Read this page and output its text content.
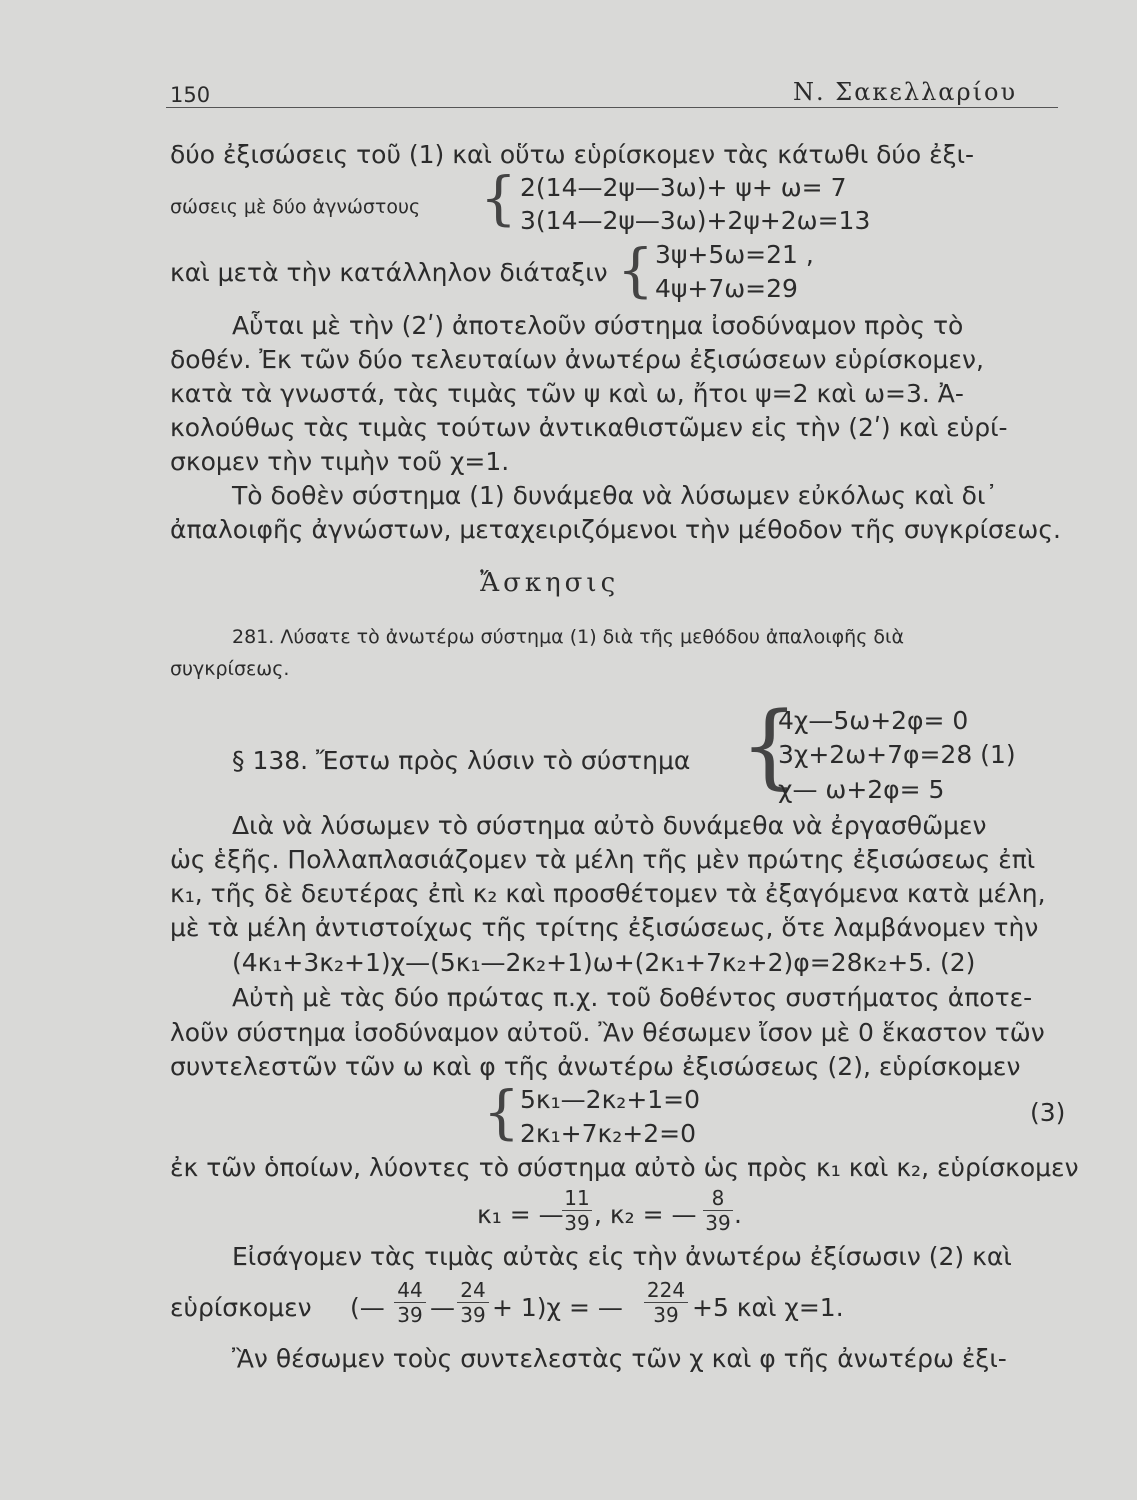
150	Ν. Σακελλαρίου
δύο ἐξισώσεις τοῦ (1) καὶ οὕτω εὑρίσκομεν τὰς κάτωθι δύο ἐξι-
σώσεις μὲ δύο ἀγνώστους { 2(14—2ψ—3ω)+ ψ+ ω= 7
3(14—2ψ—3ω)+2ψ+2ω=13
καὶ μετὰ τὴν κατάλληλον διάταξιν { 3ψ+5ω=21 ,
4ψ+7ω=29
Αὗται μὲ τὴν (2ʹ) ἀποτελοῦν σύστημα ἰσοδύναμον πρὸς τὸ
δοθέν. Ἐκ τῶν δύο τελευταίων ἀνωτέρω ἐξισώσεων εὑρίσκομεν,
κατὰ τὰ γνωστά, τὰς τιμὰς τῶν ψ καὶ ω, ἤτοι ψ=2 καὶ ω=3. Ἀ-
κολούθως τὰς τιμὰς τούτων ἀντικαθιστῶμεν εἰς τὴν (2ʹ) καὶ εὑρί-
σκομεν τὴν τιμὴν τοῦ χ=1.
Τὸ δοθὲν σύστημα (1) δυνάμεθα νὰ λύσωμεν εὐκόλως καὶ δι᾽
ἀπαλοιφῆς ἀγνώστων, μεταχειριζόμενοι τὴν μέθοδον τῆς συγκρίσεως.
Ἄσκησις
281. Λύσατε τὸ ἀνωτέρω σύστημα (1) διὰ τῆς μεθόδου ἀπαλοιφῆς διὰ
συγκρίσεως.
§ 138. Ἔστω πρὸς λύσιν τὸ σύστημα {
4χ—5ω+2φ= 0
3χ+2ω+7φ=28 (1)
χ— ω+2φ= 5
Διὰ νὰ λύσωμεν τὸ σύστημα αὐτὸ δυνάμεθα νὰ ἐργασθῶμεν
ὡς ἑξῆς. Πολλαπλασιάζομεν τὰ μέλη τῆς μὲν πρώτης ἐξισώσεως ἐπὶ
κ₁, τῆς δὲ δευτέρας ἐπὶ κ₂ καὶ προσθέτομεν τὰ ἐξαγόμενα κατὰ μέλη,
μὲ τὰ μέλη ἀντιστοίχως τῆς τρίτης ἐξισώσεως, ὅτε λαμβάνομεν τὴν
(4κ₁+3κ₂+1)χ—(5κ₁—2κ₂+1)ω+(2κ₁+7κ₂+2)φ=28κ₂+5. (2)
Αὐτὴ μὲ τὰς δύο πρώτας π.χ. τοῦ δοθέντος συστήματος ἀποτε-
λοῦν σύστημα ἰσοδύναμον αὐτοῦ. Ἂν θέσωμεν ἴσον μὲ 0 ἕκαστον τῶν
συντελεστῶν τῶν ω καὶ φ τῆς ἀνωτέρω ἐξισώσεως (2), εὑρίσκομεν
{ 5κ₁—2κ₂+1=0
2κ₁+7κ₂+2=0
(3)
ἐκ τῶν ὁποίων, λύοντες τὸ σύστημα αὐτὸ ὡς πρὸς κ₁ καὶ κ₂, εὑρίσκομεν
κ₁ = —
11
39 , κ₂ = —
8
39 .
Εἰσάγομεν τὰς τιμὰς αὐτὰς εἰς τὴν ἀνωτέρω ἐξίσωσιν (2) καὶ
εὑρίσκομεν (—
44
39 —
24
39 + 1)χ = —
224
39 +5 καὶ χ=1.
Ἂν θέσωμεν τοὺς συντελεστὰς τῶν χ καὶ φ τῆς ἀνωτέρω ἐξι-
